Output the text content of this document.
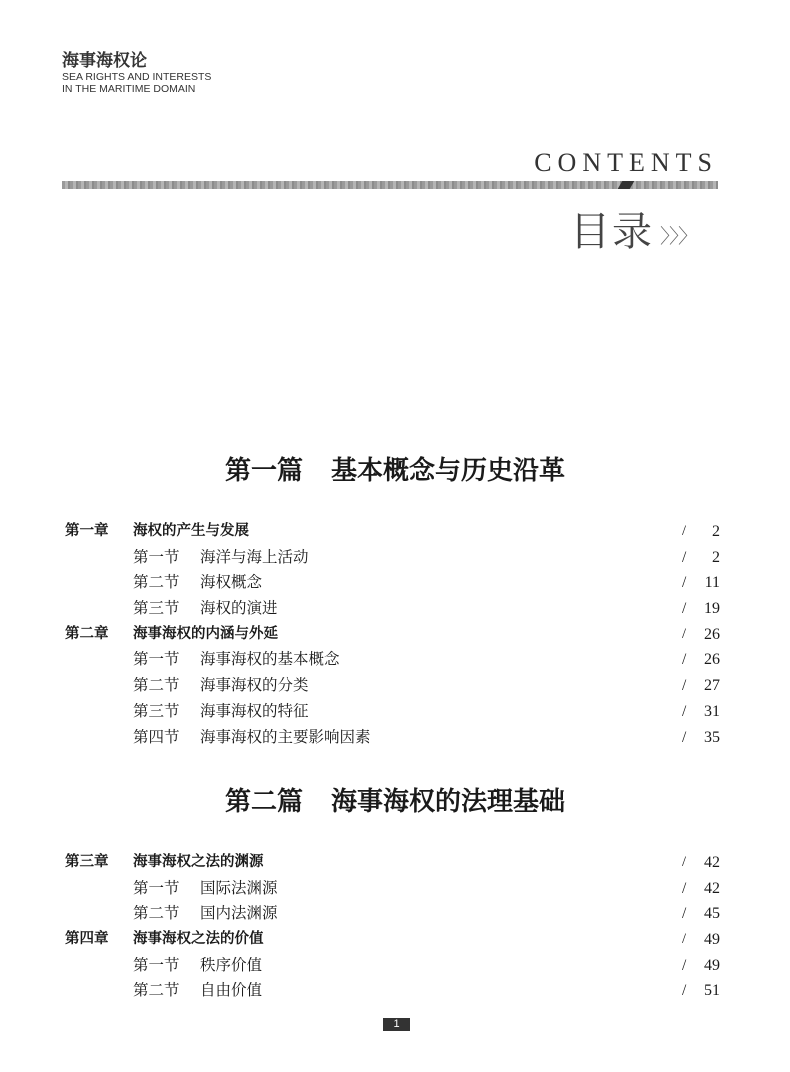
海事海权论
SEA RIGHTS AND INTERESTS
IN THE MARITIME DOMAIN
CONTENTS
目录 〉〉〉
第一篇 基本概念与历史沿革
第一章 海权的产生与发展	/ 2
第一节 海洋与海上活动	/ 2
第二节 海权概念	/ 11
第三节 海权的演进	/ 19
第二章 海事海权的内涵与外延	/ 26
第一节 海事海权的基本概念	/ 26
第二节 海事海权的分类	/ 27
第三节 海事海权的特征	/ 31
第四节 海事海权的主要影响因素	/ 35
第二篇 海事海权的法理基础
第三章 海事海权之法的渊源	/ 42
第一节 国际法渊源	/ 42
第二节 国内法渊源	/ 45
第四章 海事海权之法的价值	/ 49
第一节 秩序价值	/ 49
第二节 自由价值	/ 51
1
